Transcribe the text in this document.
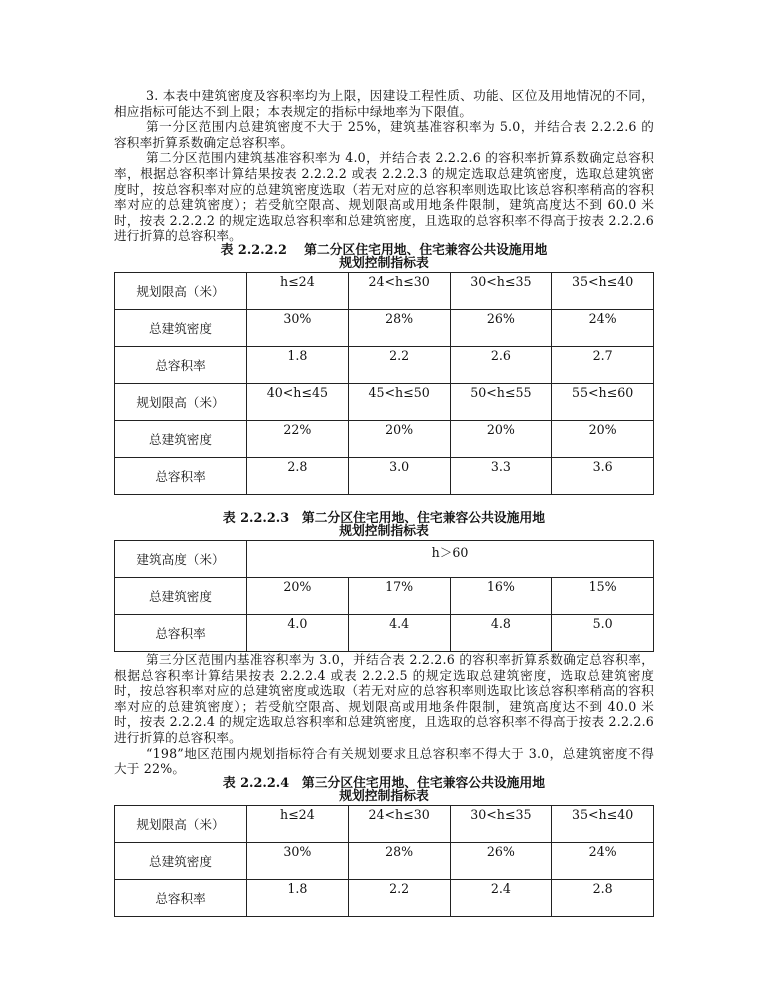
3. 本表中建筑密度及容积率均为上限，因建设工程性质、功能、区位及用地情况的不同，相应指标可能达不到上限；本表规定的指标中绿地率为下限值。

第一分区范围内总建筑密度不大于 25%，建筑基准容积率为 5.0，并结合表 2.2.2.6 的容积率折算系数确定总容积率。

第二分区范围内建筑基准容积率为 4.0，并结合表 2.2.2.6 的容积率折算系数确定总容积率，根据总容积率计算结果按表 2.2.2.2 或表 2.2.2.3 的规定选取总建筑密度，选取总建筑密度时，按总容积率对应的总建筑密度选取（若无对应的总容积率则选取比该总容积率稍高的容积率对应的总建筑密度）；若受航空限高、规划限高或用地条件限制，建筑高度达不到 60.0 米时，按表 2.2.2.2 的规定选取总容积率和总建筑密度，且选取的总容积率不得高于按表 2.2.2.6 进行折算的总容积率。

表 2.2.2.2　 第二分区住宅用地、住宅兼容公共设施用地
规划控制指标表
规划限高（米）	h≤24	24<h≤30	30<h≤35	35<h≤40
总建筑密度	30%	28%	26%	24%
总容积率	1.8	2.2	2.6	2.7
规划限高（米）	40<h≤45	45<h≤50	50<h≤55	55<h≤60
总建筑密度	22%	20%	20%	20%
总容积率	2.8	3.0	3.3	3.6
表 2.2.2.3　第二分区住宅用地、住宅兼容公共设施用地
规划控制指标表
建筑高度（米）	h＞60			
总建筑密度	20%	17%	16%	15%
总容积率	4.0	4.4	4.8	5.0

第三分区范围内基准容积率为 3.0，并结合表 2.2.2.6 的容积率折算系数确定总容积率，根据总容积率计算结果按表 2.2.2.4 或表 2.2.2.5 的规定选取总建筑密度，选取总建筑密度时，按总容积率对应的总建筑密度或选取（若无对应的总容积率则选取比该总容积率稍高的容积率对应的总建筑密度）；若受航空限高、规划限高或用地条件限制，建筑高度达不到 40.0 米时，按表 2.2.2.4 的规定选取总容积率和总建筑密度，且选取的总容积率不得高于按表 2.2.2.6 进行折算的总容积率。

“198”地区范围内规划指标符合有关规划要求且总容积率不得大于 3.0，总建筑密度不得大于 22%。

表 2.2.2.4　第三分区住宅用地、住宅兼容公共设施用地
规划控制指标表
规划限高（米）	h≤24	24<h≤30	30<h≤35	35<h≤40
总建筑密度	30%	28%	26%	24%
总容积率	1.8	2.2	2.4	2.8
